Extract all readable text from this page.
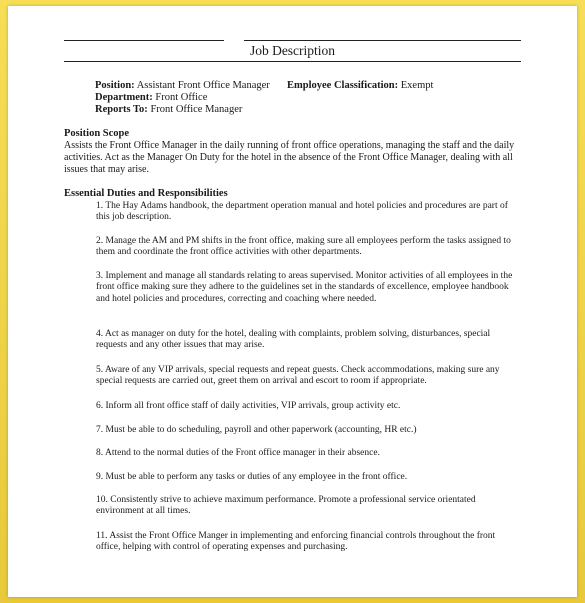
Job Description
Position: Assistant Front Office Manager Employee Classification: Exempt
Department: Front Office
Reports To: Front Office Manager
Position Scope
Assists the Front Office Manager in the daily running of front office operations, managing the staff and the daily activities. Act as the Manager On Duty for the hotel in the absence of the Front Office Manager, dealing with all issues that may arise.
Essential Duties and Responsibilities

1. The Hay Adams handbook, the department operation manual and hotel policies and procedures are part of this job description.

2. Manage the AM and PM shifts in the front office, making sure all employees perform the tasks assigned to them and coordinate the front office activities with other departments.

3. Implement and manage all standards relating to areas supervised. Monitor activities of all employees in the front office making sure they adhere to the guidelines set in the standards of excellence, employee handbook and hotel policies and procedures, correcting and coaching where needed.

4. Act as manager on duty for the hotel, dealing with complaints, problem solving, disturbances, special requests and any other issues that may arise.

5. Aware of any VIP arrivals, special requests and repeat guests. Check accommodations, making sure any special requests are carried out, greet them on arrival and escort to room if appropriate.

6. Inform all front office staff of daily activities, VIP arrivals, group activity etc.

7. Must be able to do scheduling, payroll and other paperwork (accounting, HR etc.)

8. Attend to the normal duties of the Front office manager in their absence.

9. Must be able to perform any tasks or duties of any employee in the front office.

10. Consistently strive to achieve maximum performance. Promote a professional service orientated environment at all times.

11. Assist the Front Office Manger in implementing and enforcing financial controls throughout the front office, helping with control of operating expenses and purchasing.
